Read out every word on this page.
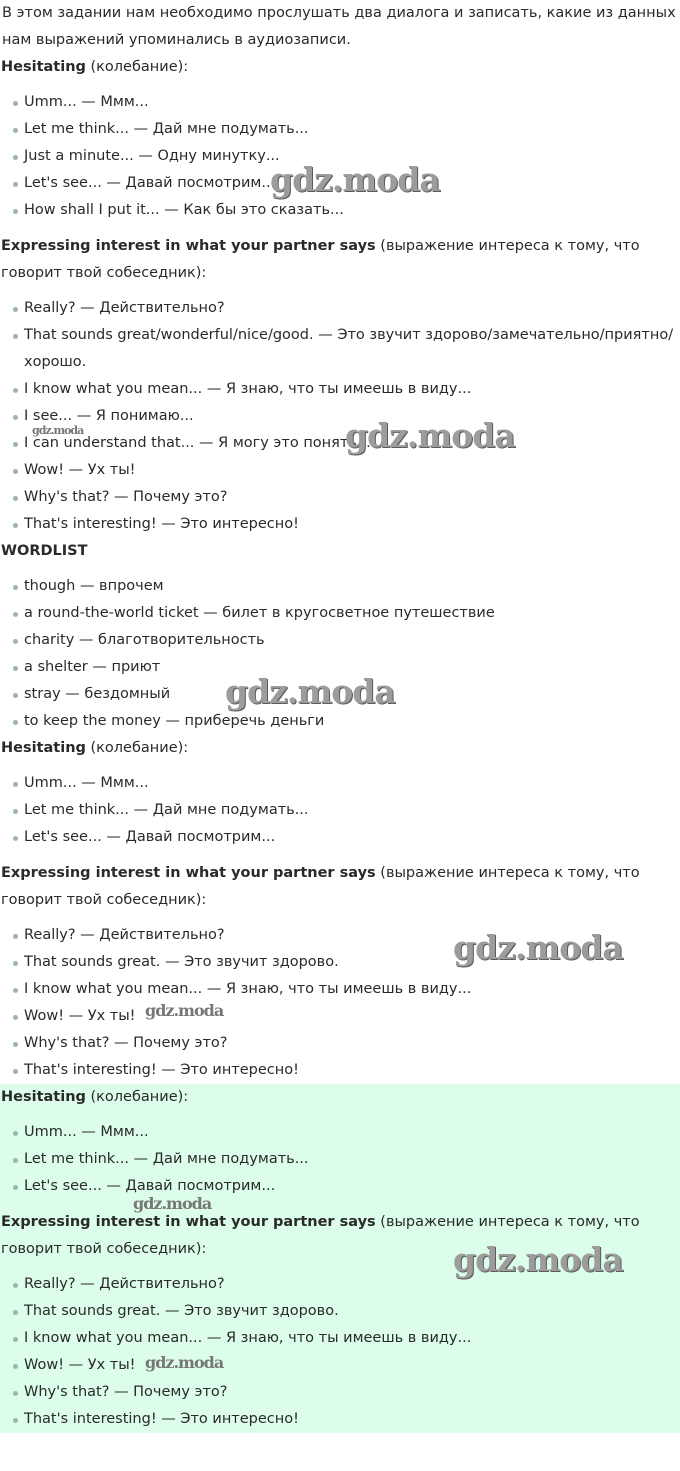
В этом задании нам необходимо прослушать два диалога и записать, какие из данных нам выражений упоминались в аудиозаписи.

Hesitating (колебание):

Umm... — Ммм...
Let me think... — Дай мне подумать...
Just a minute... — Одну минутку...
Let's see... — Давай посмотрим...
How shall I put it... — Как бы это сказать...

Expressing interest in what your partner says (выражение интереса к тому, что говорит твой собеседник):

Really? — Действительно?
That sounds great/wonderful/nice/good. — Это звучит здорово/замечательно/приятно/хорошо.
I know what you mean... — Я знаю, что ты имеешь в виду...
I see... — Я понимаю...
I can understand that... — Я могу это понять...
Wow! — Ух ты!
Why's that? — Почему это?
That's interesting! — Это интересно!

WORDLIST

though — впрочем
a round-the-world ticket — билет в кругосветное путешествие
charity — благотворительность
a shelter — приют
stray — бездомный
to keep the money — приберечь деньги

Hesitating (колебание):

Umm... — Ммм...
Let me think... — Дай мне подумать...
Let's see... — Давай посмотрим...

Expressing interest in what your partner says (выражение интереса к тому, что говорит твой собеседник):

Really? — Действительно?
That sounds great. — Это звучит здорово.
I know what you mean... — Я знаю, что ты имеешь в виду...
Wow! — Ух ты!
Why's that? — Почему это?
That's interesting! — Это интересно!

Hesitating (колебание):

Umm... — Ммм...
Let me think... — Дай мне подумать...
Let's see... — Давай посмотрим...

Expressing interest in what your partner says (выражение интереса к тому, что говорит твой собеседник):

Really? — Действительно?
That sounds great. — Это звучит здорово.
I know what you mean... — Я знаю, что ты имеешь в виду...
Wow! — Ух ты!
Why's that? — Почему это?
That's interesting! — Это интересно!
gdz.moda
gdz.moda
gdz.moda
gdz.moda
gdz.moda
gdz.moda
gdz.moda
gdz.moda
gdz.moda
